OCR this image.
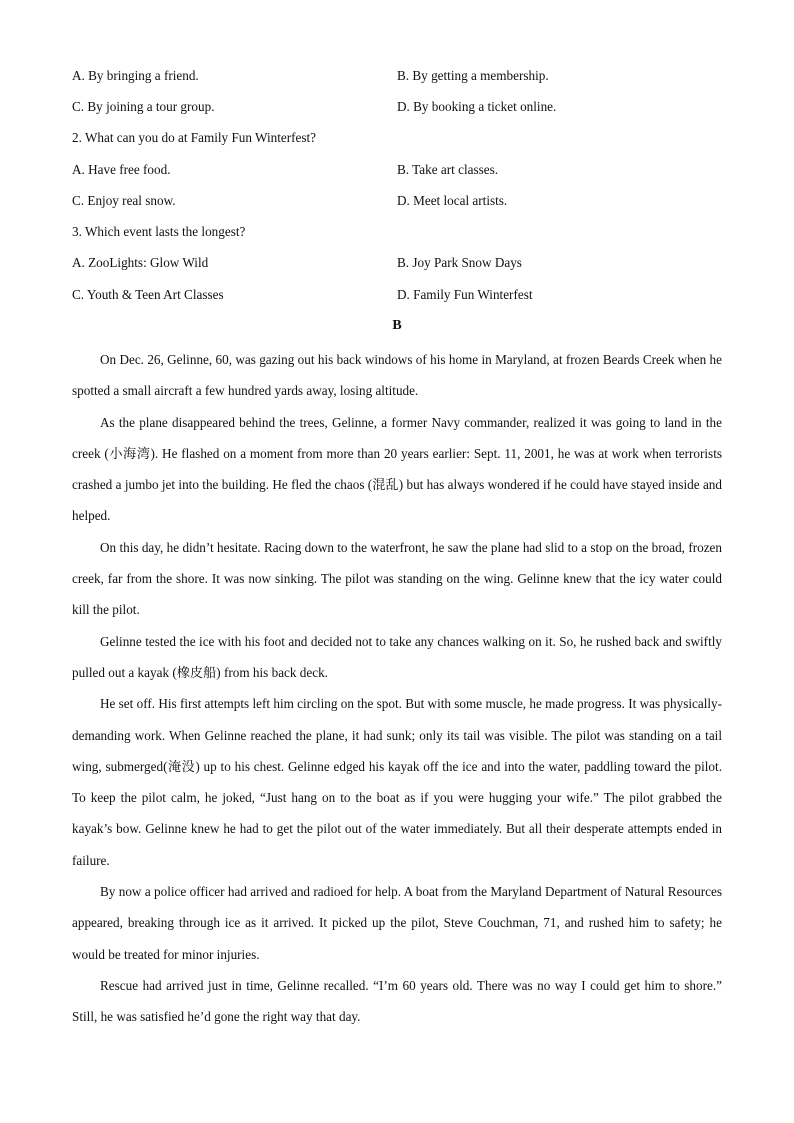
A. By bringing a friend.	B. By getting a membership.
C. By joining a tour group.	D. By booking a ticket online.
2. What can you do at Family Fun Winterfest?
A. Have free food.	B. Take art classes.
C. Enjoy real snow.	D. Meet local artists.
3. Which event lasts the longest?
A. ZooLights: Glow Wild	B. Joy Park Snow Days
C. Youth & Teen Art Classes	D. Family Fun Winterfest
B

On Dec. 26, Gelinne, 60, was gazing out his back windows of his home in Maryland, at frozen Beards Creek when he spotted a small aircraft a few hundred yards away, losing altitude.

As the plane disappeared behind the trees, Gelinne, a former Navy commander, realized it was going to land in the creek (小海湾). He flashed on a moment from more than 20 years earlier: Sept. 11, 2001, he was at work when terrorists crashed a jumbo jet into the building. He fled the chaos (混乱) but has always wondered if he could have stayed inside and helped.

On this day, he didn’t hesitate. Racing down to the waterfront, he saw the plane had slid to a stop on the broad, frozen creek, far from the shore. It was now sinking. The pilot was standing on the wing. Gelinne knew that the icy water could kill the pilot.

Gelinne tested the ice with his foot and decided not to take any chances walking on it. So, he rushed back and swiftly pulled out a kayak (橡皮船) from his back deck.

He set off. His first attempts left him circling on the spot. But with some muscle, he made progress. It was physically-demanding work. When Gelinne reached the plane, it had sunk; only its tail was visible. The pilot was standing on a tail wing, submerged(淹没) up to his chest. Gelinne edged his kayak off the ice and into the water, paddling toward the pilot. To keep the pilot calm, he joked, “Just hang on to the boat as if you were hugging your wife.” The pilot grabbed the kayak’s bow. Gelinne knew he had to get the pilot out of the water immediately. But all their desperate attempts ended in failure.

By now a police officer had arrived and radioed for help. A boat from the Maryland Department of Natural Resources appeared, breaking through ice as it arrived. It picked up the pilot, Steve Couchman, 71, and rushed him to safety; he would be treated for minor injuries.

Rescue had arrived just in time, Gelinne recalled. “I’m 60 years old. There was no way I could get him to shore.” Still, he was satisfied he’d gone the right way that day.
